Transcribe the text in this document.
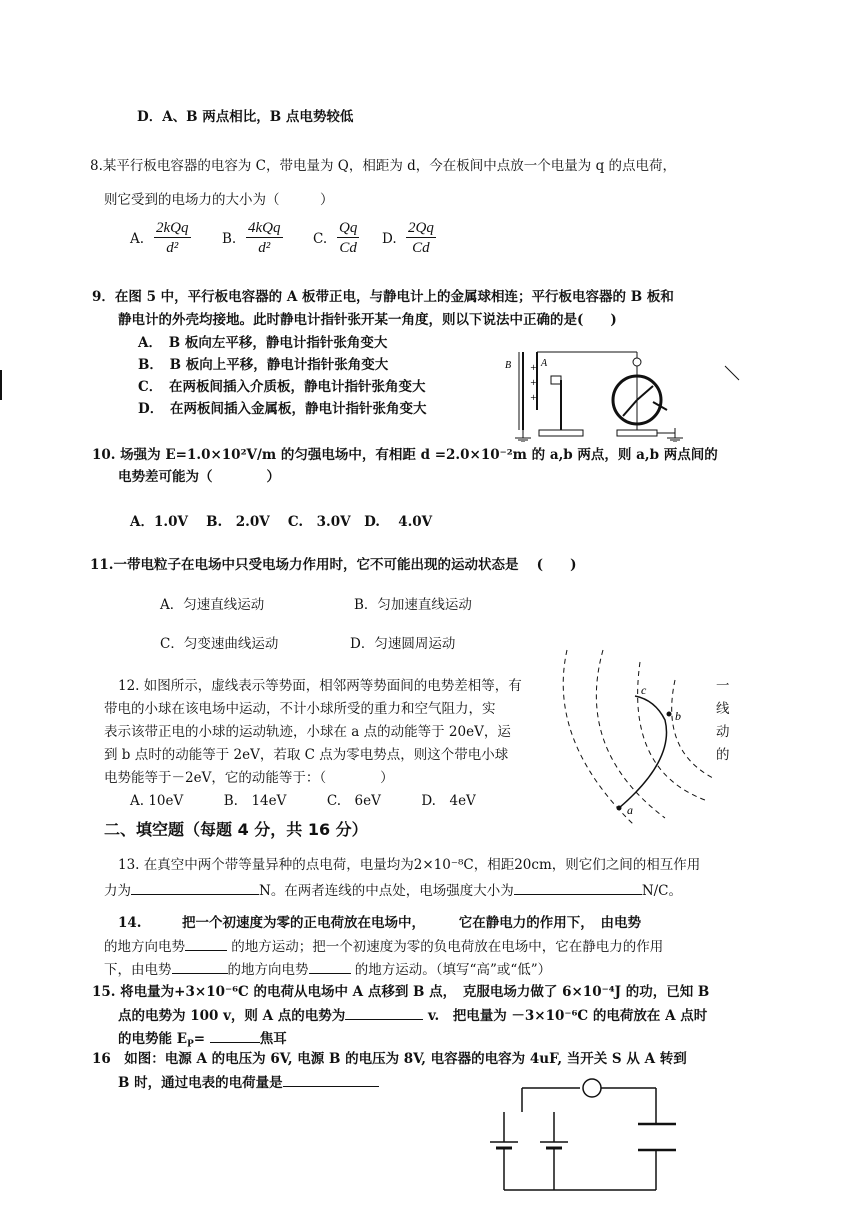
D．A、B 两点相比，B 点电势较低
8.某平行板电容器的电容为 C，带电量为 Q，相距为 d，今在板间中点放一个电量为 q 的点电荷，
则它受到的电场力的大小为（　　　）
A.
2kQq
d²
B.
4kQq
d²
C. $\frac{Qq}{Cd} D$. $\frac{2Qq}{Cd}$
9．在图 5 中，平行板电容器的 A 板带正电，与静电计上的金属球相连；平行板电容器的 B 板和
静电计的外壳均接地。此时静电计指针张开某一角度，则以下说法中正确的是(　　)
A．　B 板向左平移，静电计指针张角变大
B．　B 板向上平移，静电计指针张角变大
C．　在两板间插入介质板，静电计指针张角变大
D．　在两板间插入金属板，静电计指针张角变大
B	A
+
+
+
10. 场强为 E=1.0×10²V/m 的匀强电场中，有相距 d =2.0×10⁻²m 的 a,b 两点，则 a,b 两点间的
电势差可能为（　　　　）
A．1.0V　 B.　2.0V　 C.　3.0V　D.　 4.0V
11.一带电粒子在电场中只受电场力作用时，它不可能出现的运动状态是　 (　　)
A．匀速直线运动	B．匀加速直线运动
C．匀变速曲线运动	D．匀速圆周运动
12. 如图所示，虚线表示等势面，相邻两等势面间的电势差相等，有
带电的小球在该电场中运动，不计小球所受的重力和空气阻力，实
表示该带正电的小球的运动轨迹，小球在 a 点的动能等于 20eV，运
到 b 点时的动能等于 2eV，若取 C 点为零电势点，则这个带电小球
电势能等于－2eV，它的动能等于：（　　　　）
A. 10eV　　　B.　14eV　　　C.　6eV　　　D.　4eV
一
线
动
的
c
b
a
二、填空题（每题 4 分，共 16 分）
13. 在真空中两个带等量异种的点电荷，电量均为2×10⁻⁸C，相距20cm，则它们之间的相互作用
力为	N。在两者连线的中点处，电场强度大小为	N/C。
14.　　　把一个初速度为零的正电荷放在电场中，　　　它在静电力的作用下，　由电势
的地方向电势	的地方运动；把一个初速度为零的负电荷放在电场中，它在静电力的作用
下，由电势	的地方向电势	的地方运动。（填写“高”或“低”）
15. 将电量为+3×10⁻⁶C 的电荷从电场中 A 点移到 B 点，　克服电场力做了 6×10⁻⁴J 的功，已知 B
点的电势为 100 v，则 A 点的电势为	v.　把电量为 －3×10⁻⁶C 的电荷放在 A 点时
的电势能 $E_P=$	焦耳
16　如图：电源 A 的电压为 6V, 电源 B 的电压为 8V, 电容器的电容为 4uF, 当开关 S 从 A 转到
B 时，通过电表的电荷量是
